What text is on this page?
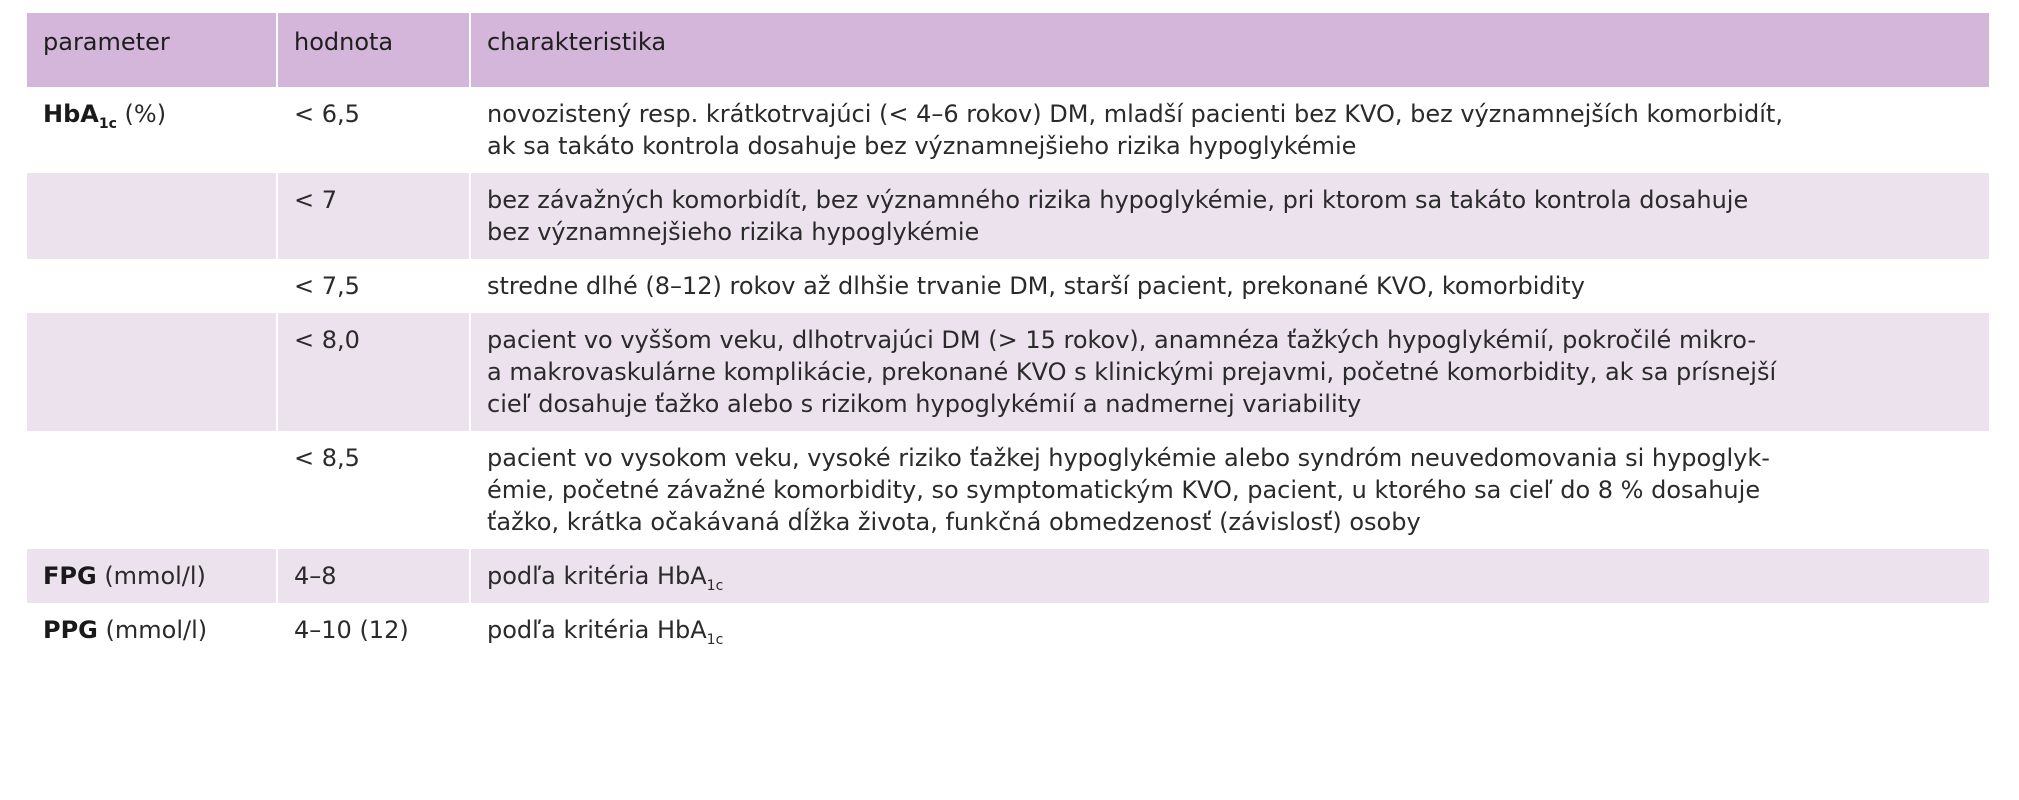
parameter	hodnota	charakteristika
HbA$_{1c}$ (%)	< 6,5	novozistený resp. krátkotrvajúci (< 4–6 rokov) DM, mladší pacienti bez KVO, bez významnejších komorbidít,
ak sa takáto kontrola dosahuje bez významnejšieho rizika hypoglykémie

	< 7	bez závažných komorbidít, bez významného rizika hypoglykémie, pri ktorom sa takáto kontrola dosahuje
bez významnejšieho rizika hypoglykémie

	< 7,5	stredne dlhé (8–12) rokov až dlhšie trvanie DM, starší pacient, prekonané KVO, komorbidity

	< 8,0	pacient vo vyššom veku, dlhotrvajúci DM (> 15 rokov), anamnéza ťažkých hypoglykémií, pokročilé mikro-
a makrovaskulárne komplikácie, prekonané KVO s klinickými prejavmi, početné komorbidity, ak sa prísnejší
cieľ dosahuje ťažko alebo s rizikom hypoglykémií a nadmernej variability

	< 8,5	pacient vo vysokom veku, vysoké riziko ťažkej hypoglykémie alebo syndróm neuvedomovania si hypoglyk-
émie, početné závažné komorbidity, so symptomatickým KVO, pacient, u ktorého sa cieľ do 8 % dosahuje
ťažko, krátka očakávaná dĺžka života, funkčná obmedzenosť (závislosť) osoby

FPG (mmol/l)	4–8	podľa kritéria HbA$_{1c}$
PPG (mmol/l)	4–10 (12)	podľa kritéria HbA$_{1c}$
